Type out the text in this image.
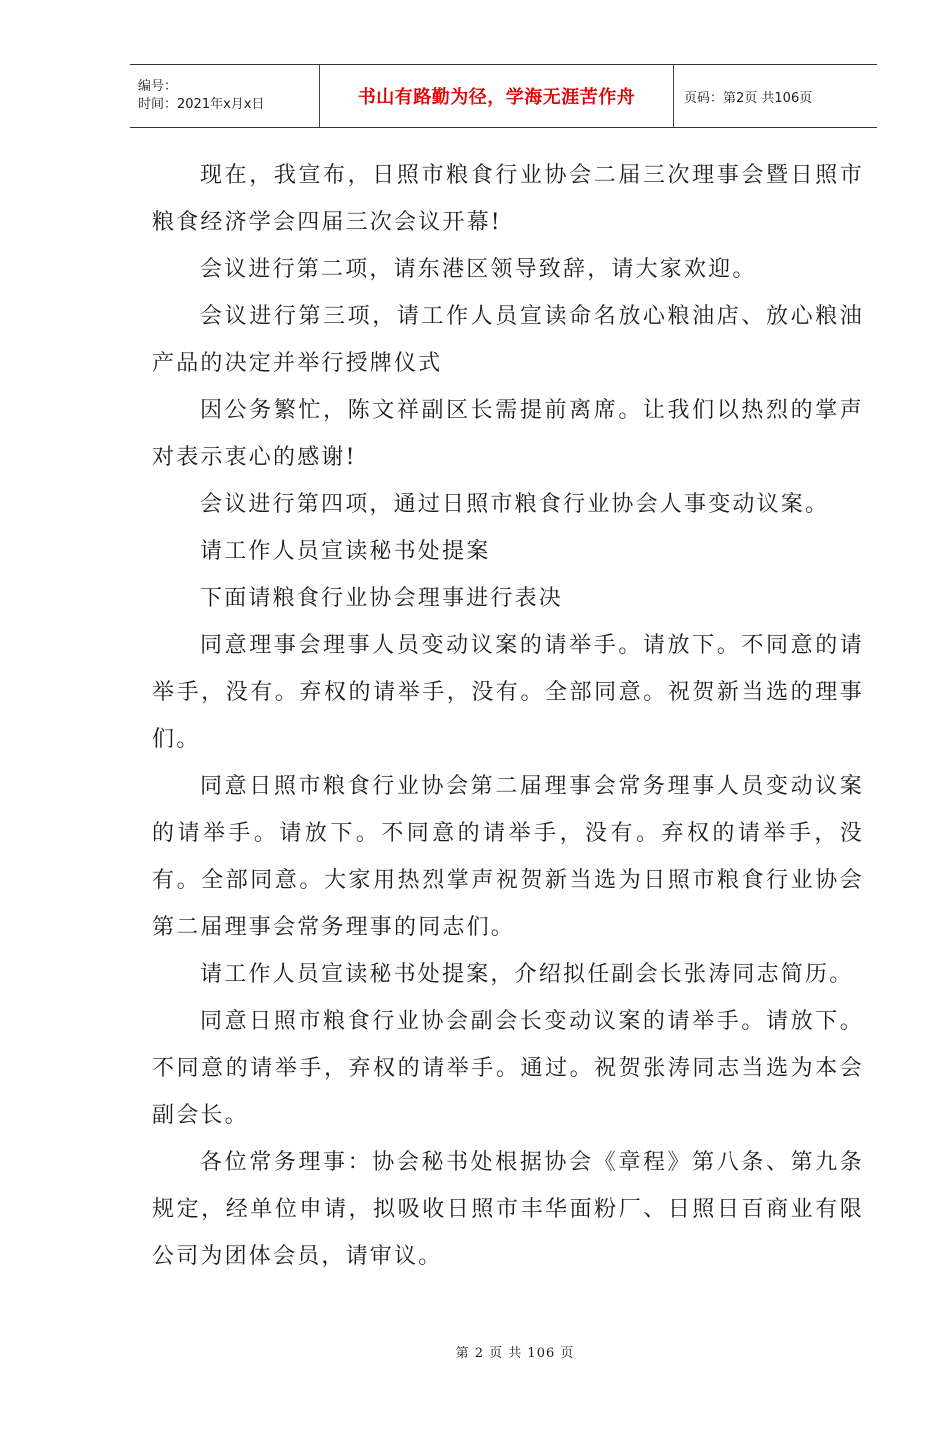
编号：
时间：2021年x月x日	书山有路勤为径，学海无涯苦作舟	页码：第2页 共106页

现在，我宣布，日照市粮食行业协会二届三次理事会暨日照市粮食经济学会四届三次会议开幕!

会议进行第二项，请东港区领导致辞，请大家欢迎。

会议进行第三项，请工作人员宣读命名放心粮油店、放心粮油产品的决定并举行授牌仪式

因公务繁忙，陈文祥副区长需提前离席。让我们以热烈的掌声对表示衷心的感谢!

会议进行第四项，通过日照市粮食行业协会人事变动议案。

请工作人员宣读秘书处提案

下面请粮食行业协会理事进行表决

同意理事会理事人员变动议案的请举手。请放下。不同意的请举手，没有。弃权的请举手，没有。全部同意。祝贺新当选的理事们。

同意日照市粮食行业协会第二届理事会常务理事人员变动议案的请举手。请放下。不同意的请举手，没有。弃权的请举手，没有。全部同意。大家用热烈掌声祝贺新当选为日照市粮食行业协会第二届理事会常务理事的同志们。

请工作人员宣读秘书处提案，介绍拟任副会长张涛同志简历。

同意日照市粮食行业协会副会长变动议案的请举手。请放下。不同意的请举手，弃权的请举手。通过。祝贺张涛同志当选为本会副会长。

各位常务理事：协会秘书处根据协会《章程》第八条、第九条规定，经单位申请，拟吸收日照市丰华面粉厂、日照日百商业有限公司为团体会员，请审议。

第 2 页 共 106 页
